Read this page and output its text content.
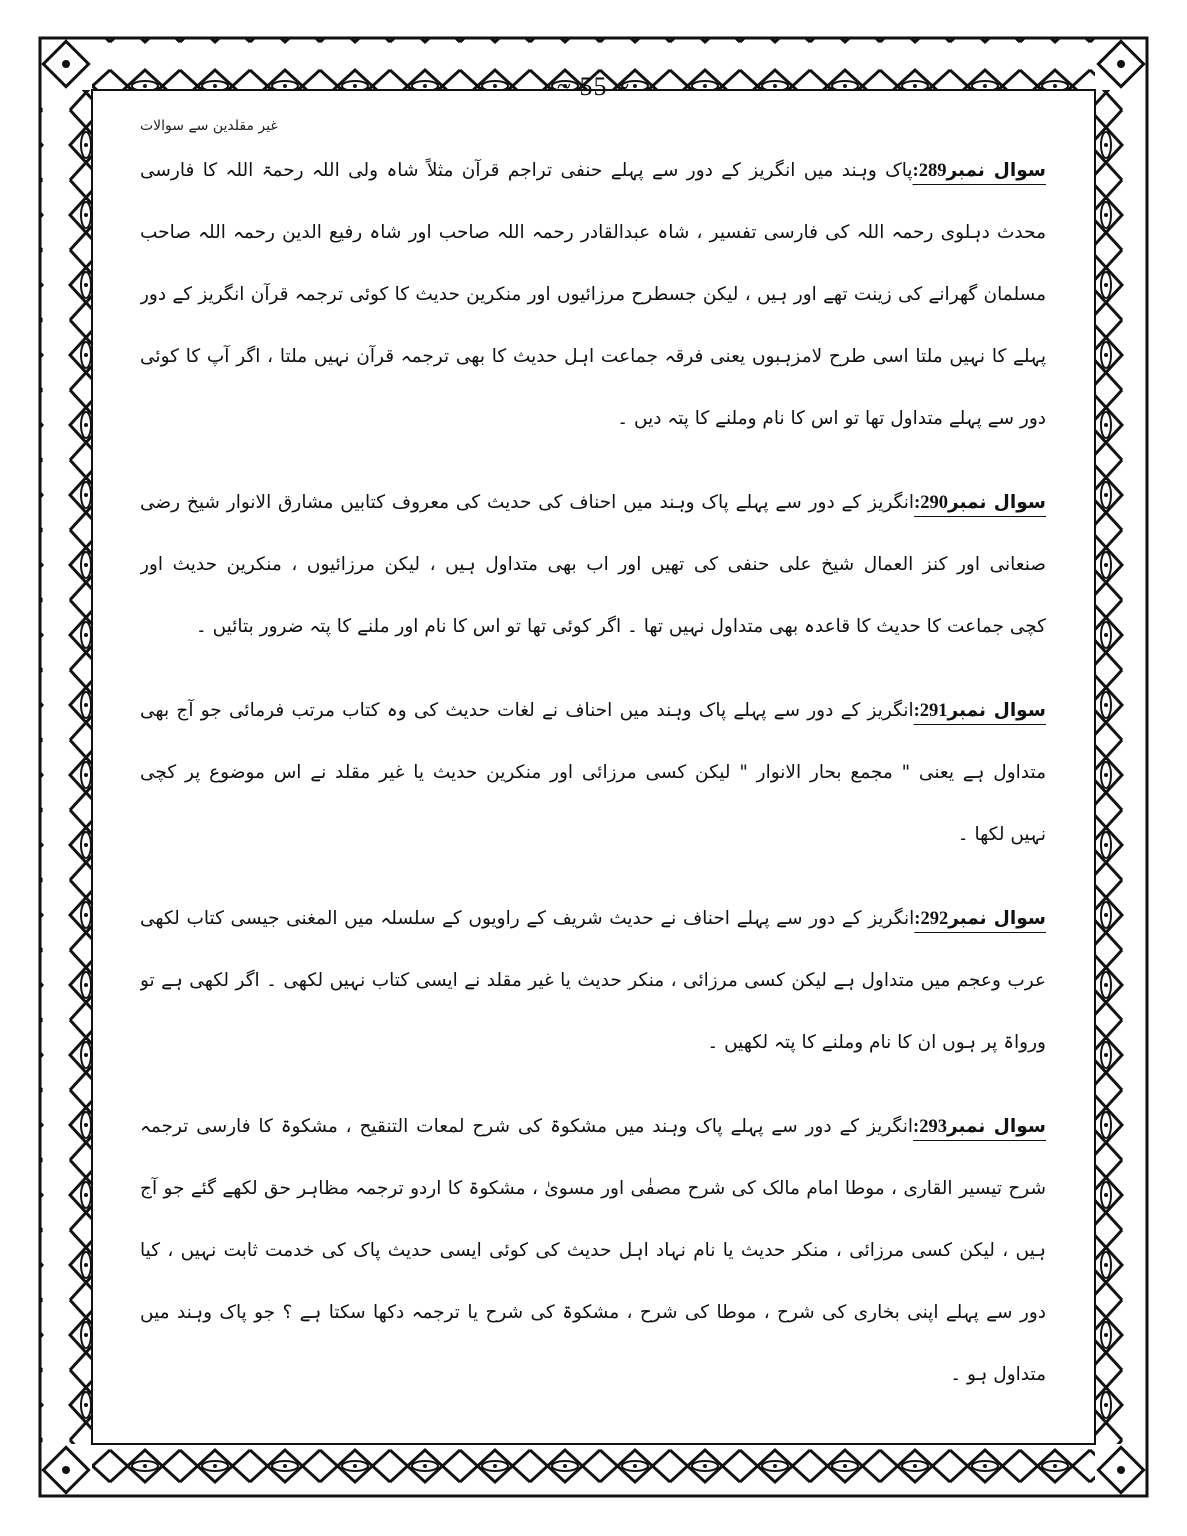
~ 55 ~
غیر مقلدین سے سوالات
سوال نمبر289:پاک وہند میں انگریز کے دور سے پہلے حنفی تراجم قرآن مثلاً شاہ ولی اللہ رحمۃ اللہ کا فارسی
محدث دہلوی رحمہ اللہ کی فارسی تفسیر ، شاہ عبدالقادر رحمہ اللہ صاحب اور شاہ رفیع الدین رحمہ اللہ صاحب
مسلمان گھرانے کی زینت تھے اور ہیں ، لیکن جسطرح مرزائیوں اور منکرین حدیث کا کوئی ترجمہ قرآن انگریز کے دور
پہلے کا نہیں ملتا اسی طرح لامزہبوں یعنی فرقہ جماعت اہل حدیث کا بھی ترجمہ قرآن نہیں ملتا ، اگر آپ کا کوئی
دور سے پہلے متداول تھا تو اس کا نام وملنے کا پتہ دیں ۔
سوال نمبر290:انگریز کے دور سے پہلے پاک وہند میں احناف کی حدیث کی معروف کتابیں مشارق الانوار شیخ رضی
صنعانی اور کنز العمال شیخ علی حنفی کی تھیں اور اب بھی متداول ہیں ، لیکن مرزائیوں ، منکرین حدیث اور
کچی جماعت کا حدیث کا قاعدہ بھی متداول نہیں تھا ۔ اگر کوئی تھا تو اس کا نام اور ملنے کا پتہ ضرور بتائیں ۔
سوال نمبر291:انگریز کے دور سے پہلے پاک وہند میں احناف نے لغات حدیث کی وہ کتاب مرتب فرمائی جو آج بھی
متداول ہے یعنی " مجمع بحار الانوار " لیکن کسی مرزائی اور منکرین حدیث یا غیر مقلد نے اس موضوع پر کچی
نہیں لکھا ۔
سوال نمبر292:انگریز کے دور سے پہلے احناف نے حدیث شریف کے راویوں کے سلسلہ میں المغنی جیسی کتاب لکھی
عرب وعجم میں متداول ہے لیکن کسی مرزائی ، منکر حدیث یا غیر مقلد نے ایسی کتاب نہیں لکھی ۔ اگر لکھی ہے تو
ورواۃ پر ہوں ان کا نام وملنے کا پتہ لکھیں ۔
سوال نمبر293:انگریز کے دور سے پہلے پاک وہند میں مشکوۃ کی شرح لمعات التنقیح ، مشکوۃ کا فارسی ترجمہ
شرح تیسیر القاری ، موطا امام مالک کی شرح مصفٰی اور مسویٰ ، مشکوۃ کا اردو ترجمہ مظاہر حق لکھے گئے جو آج
ہیں ، لیکن کسی مرزائی ، منکر حدیث یا نام نہاد اہل حدیث کی کوئی ایسی حدیث پاک کی خدمت ثابت نہیں ، کیا
دور سے پہلے اپنی بخاری کی شرح ، موطا کی شرح ، مشکوۃ کی شرح یا ترجمہ دکھا سکتا ہے ؟ جو پاک وہند میں
متداول ہو ۔
